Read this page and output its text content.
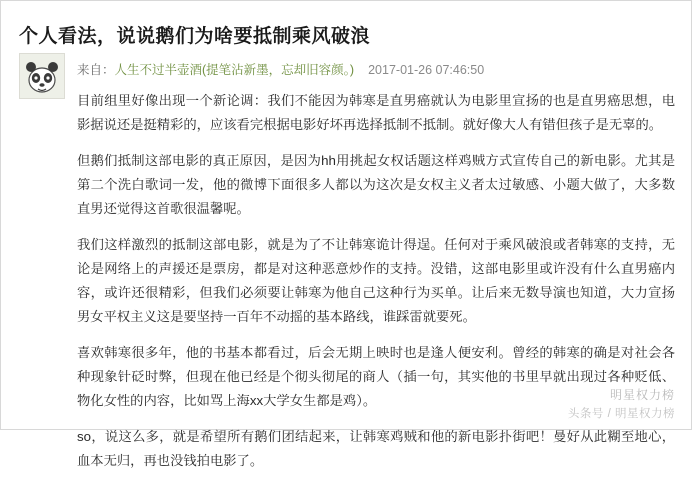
个人看法，说说鹅们为啥要抵制乘风破浪
来自：人生不过半壶酒(提笔沾新墨，忘却旧容颜。) 2017-01-26 07:46:50

目前组里好像出现一个新论调：我们不能因为韩寒是直男癌就认为电影里宣扬的也是直男癌思想，电影据说还是挺精彩的，应该看完根据电影好坏再选择抵制不抵制。就好像大人有错但孩子是无辜的。

但鹅们抵制这部电影的真正原因，是因为hh用挑起女权话题这样鸡贼方式宣传自己的新电影。尤其是第二个洗白歌词一发，他的微博下面很多人都以为这次是女权主义者太过敏感、小题大做了，大多数直男还觉得这首歌很温馨呢。

我们这样激烈的抵制这部电影，就是为了不让韩寒诡计得逞。任何对于乘风破浪或者韩寒的支持，无论是网络上的声援还是票房，都是对这种恶意炒作的支持。没错，这部电影里或许没有什么直男癌内容，或许还很精彩，但我们必须要让韩寒为他自己这种行为买单。让后来无数导演也知道，大力宣扬男女平权主义这是要坚持一百年不动摇的基本路线，谁踩雷就要死。

喜欢韩寒很多年，他的书基本都看过，后会无期上映时也是逢人便安利。曾经的韩寒的确是对社会各种现象针砭时弊，但现在他已经是个彻头彻尾的商人（插一句，其实他的书里早就出现过各种贬低、物化女性的内容，比如骂上海xx大学女生都是鸡）。

so，说这么多，就是希望所有鹅们团结起来，让韩寒鸡贼和他的新电影扑街吧！曼好从此糊至地心，血本无归，再也没钱拍电影了。

明星权力榜
头条号 / 明星权力榜
